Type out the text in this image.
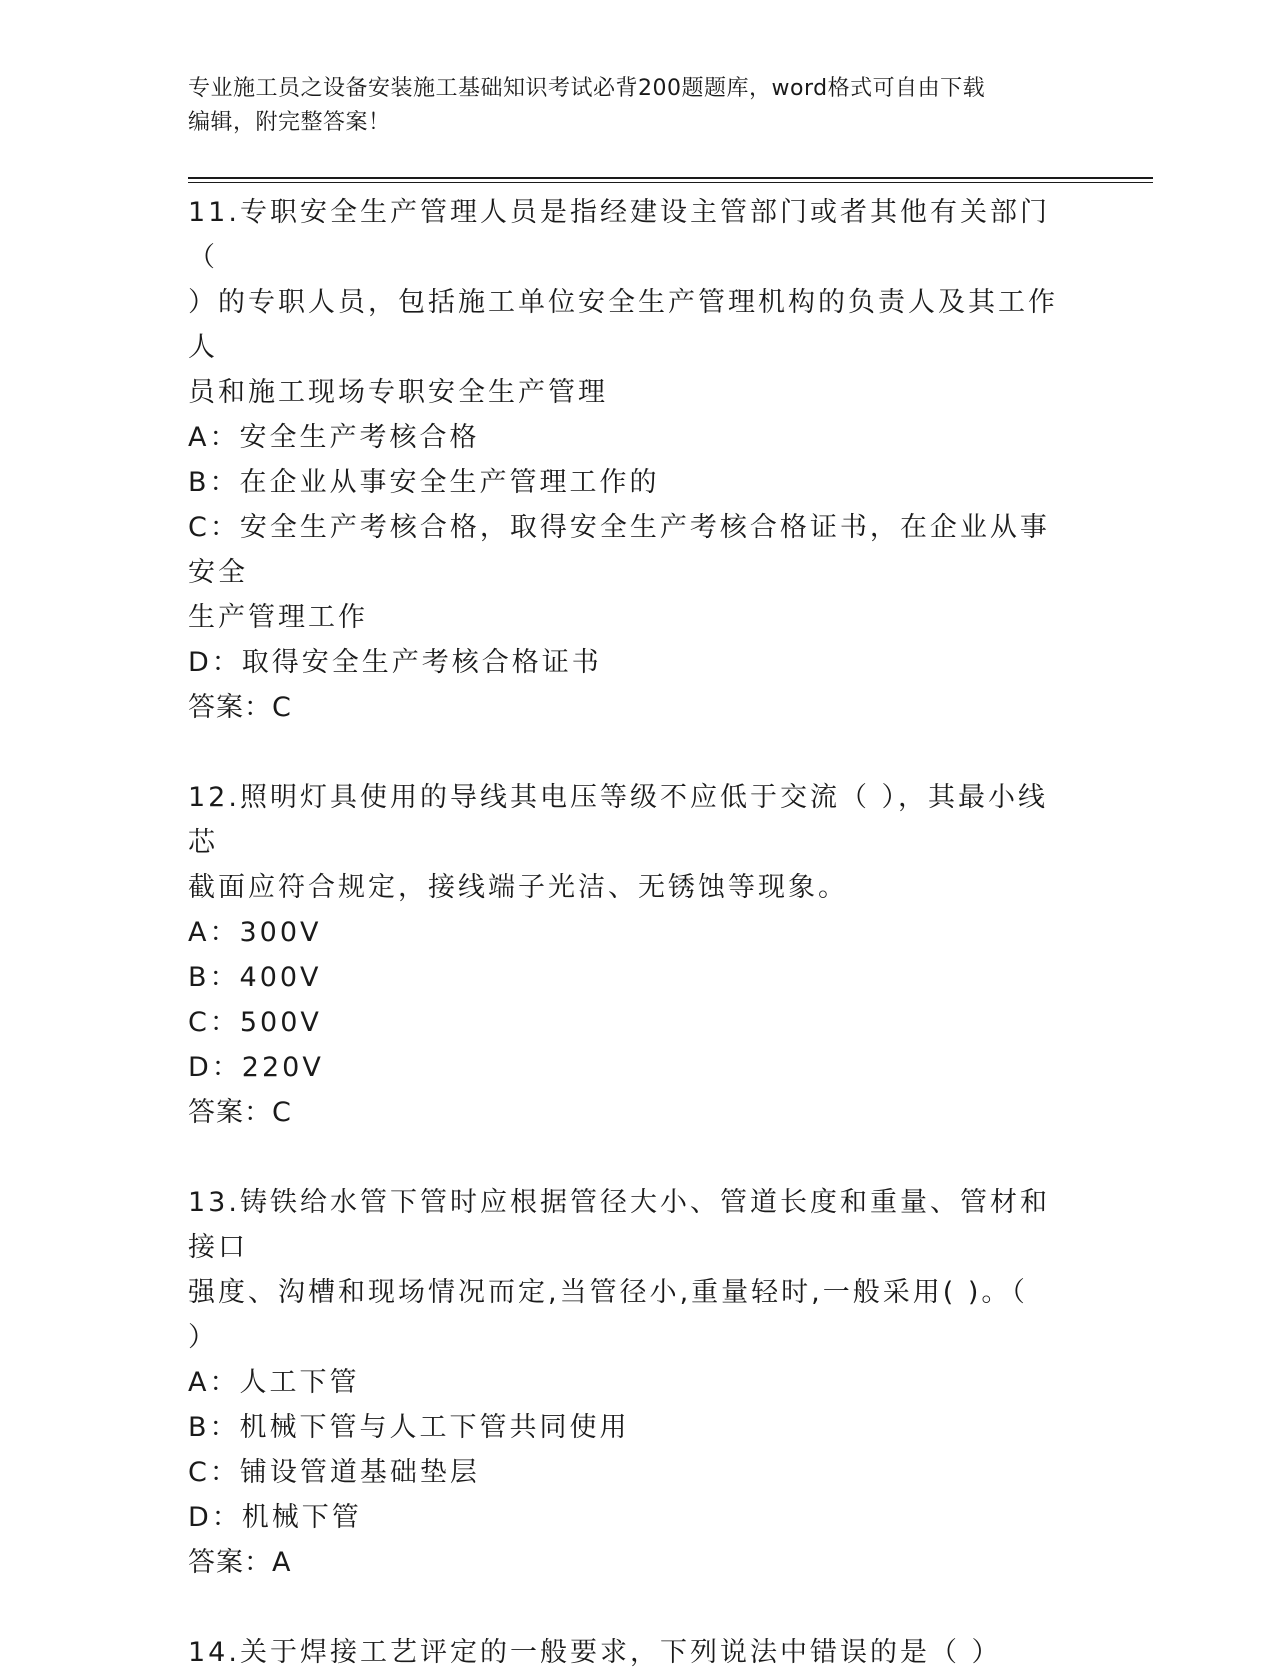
专业施工员之设备安装施工基础知识考试必背200题题库，word格式可自由下载

编辑，附完整答案！

11.专职安全生产管理人员是指经建设主管部门或者其他有关部门（

）的专职人员，包括施工单位安全生产管理机构的负责人及其工作人

员和施工现场专职安全生产管理

A：安全生产考核合格

B：在企业从事安全生产管理工作的

C：安全生产考核合格，取得安全生产考核合格证书，在企业从事安全

生产管理工作

D：取得安全生产考核合格证书

答案：C

12.照明灯具使用的导线其电压等级不应低于交流（ ），其最小线芯

截面应符合规定，接线端子光洁、无锈蚀等现象。

A：300V

B：400V

C：500V

D：220V

答案：C

13.铸铁给水管下管时应根据管径大小、管道长度和重量、管材和接口

强度、沟槽和现场情况而定,当管径小,重量轻时,一般采用( )。（

）

A：人工下管

B：机械下管与人工下管共同使用

C：铺设管道基础垫层

D：机械下管

答案：A

14.关于焊接工艺评定的一般要求，下列说法中错误的是（ ）
